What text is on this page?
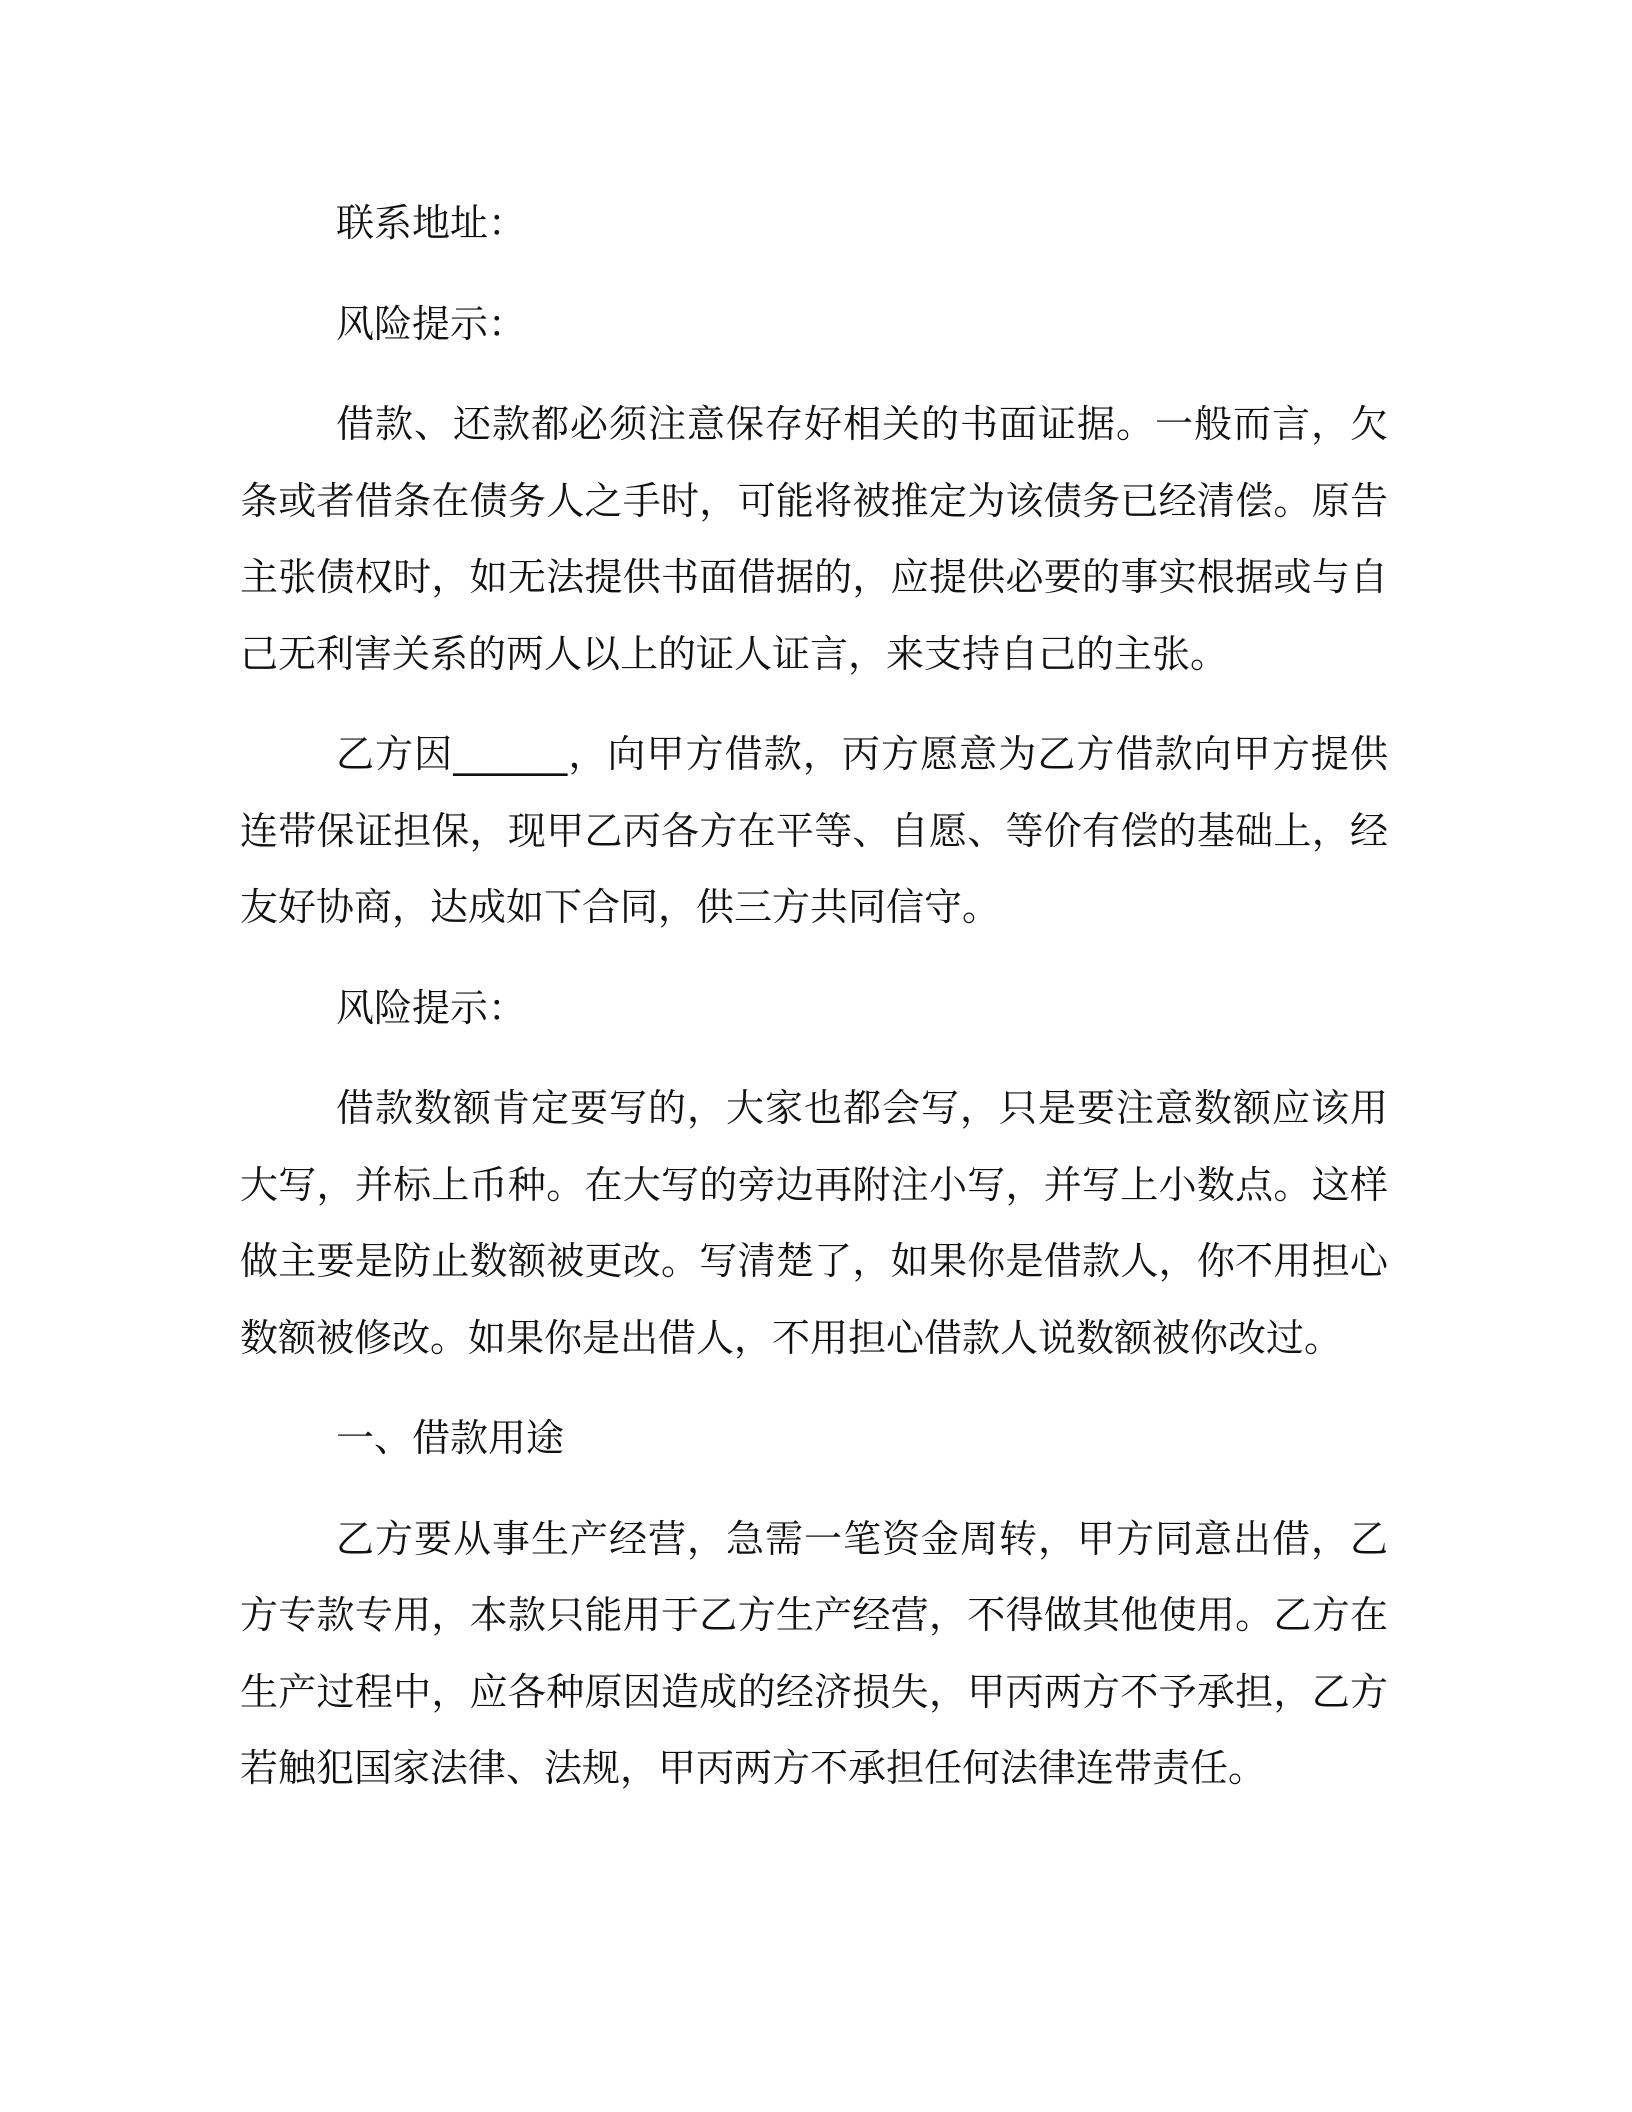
联系地址：

风险提示：

借款、还款都必须注意保存好相关的书面证据。一般而言，欠条或者借条在债务人之手时，可能将被推定为该债务已经清偿。原告主张债权时，如无法提供书面借据的，应提供必要的事实根据或与自己无利害关系的两人以上的证人证言，来支持自己的主张。

乙方因______，向甲方借款，丙方愿意为乙方借款向甲方提供连带保证担保，现甲乙丙各方在平等、自愿、等价有偿的基础上，经友好协商，达成如下合同，供三方共同信守。

风险提示：

借款数额肯定要写的，大家也都会写，只是要注意数额应该用大写，并标上币种。在大写的旁边再附注小写，并写上小数点。这样做主要是防止数额被更改。写清楚了，如果你是借款人，你不用担心数额被修改。如果你是出借人，不用担心借款人说数额被你改过。

一、借款用途

乙方要从事生产经营，急需一笔资金周转，甲方同意出借，乙方专款专用，本款只能用于乙方生产经营，不得做其他使用。乙方在生产过程中，应各种原因造成的经济损失，甲丙两方不予承担，乙方若触犯国家法律、法规，甲丙两方不承担任何法律连带责任。
